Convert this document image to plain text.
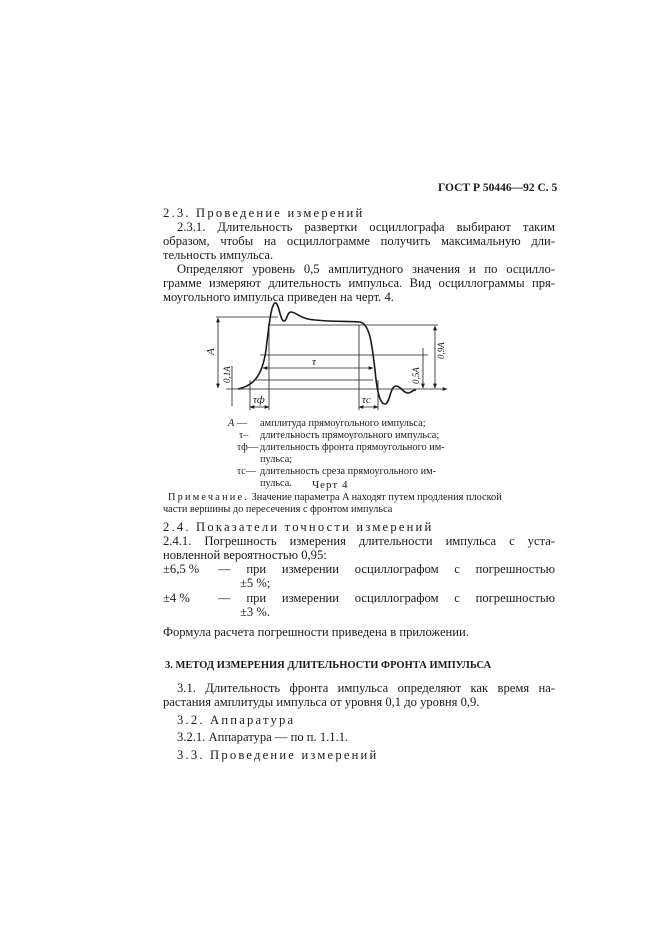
ГОСТ Р 50446—92 С. 5
2.3. Проведение измерений
2.3.1. Длительность развертки осциллографа выбирают таким
образом, чтобы на осциллограмме получить максимальную дли-
тельность импульса.
Определяют уровень 0,5 амплитудного значения и по осцилло-
грамме измеряют длительность импульса. Вид осциллограммы пря-
моугольного импульса приведен на черт. 4.
A
0,1A
τ
0,9A
0,5A
τф	τс
A — амплитуда прямоугольного импульса;
τ– длительность прямоугольного импульса;
τф— длительность фронта прямоугольного им-
пульса;
τс— длительность среза прямоугольного им-
пульса. Черт 4
Примечание. Значение параметра A находят путем продления плоской
части вершины до пересечения с фронтом импульса
2.4. Показатели точности измерений
2.4.1. Погрешность измерения длительности импульса с уста-
новленной вероятностью 0,95:
±6,5 % — при измерении осциллографом с погрешностью
±5 %;
±4 % — при измерении осциллографом с погрешностью
±3 %.
Формула расчета погрешности приведена в приложении.
3. МЕТОД ИЗМЕРЕНИЯ ДЛИТЕЛЬНОСТИ ФРОНТА ИМПУЛЬСА
3.1. Длительность фронта импульса определяют как время на-
растания амплитуды импульса от уровня 0,1 до уровня 0,9.
3.2. Аппаратура
3.2.1. Аппаратура — по п. 1.1.1.
3.3. Проведение измерений
